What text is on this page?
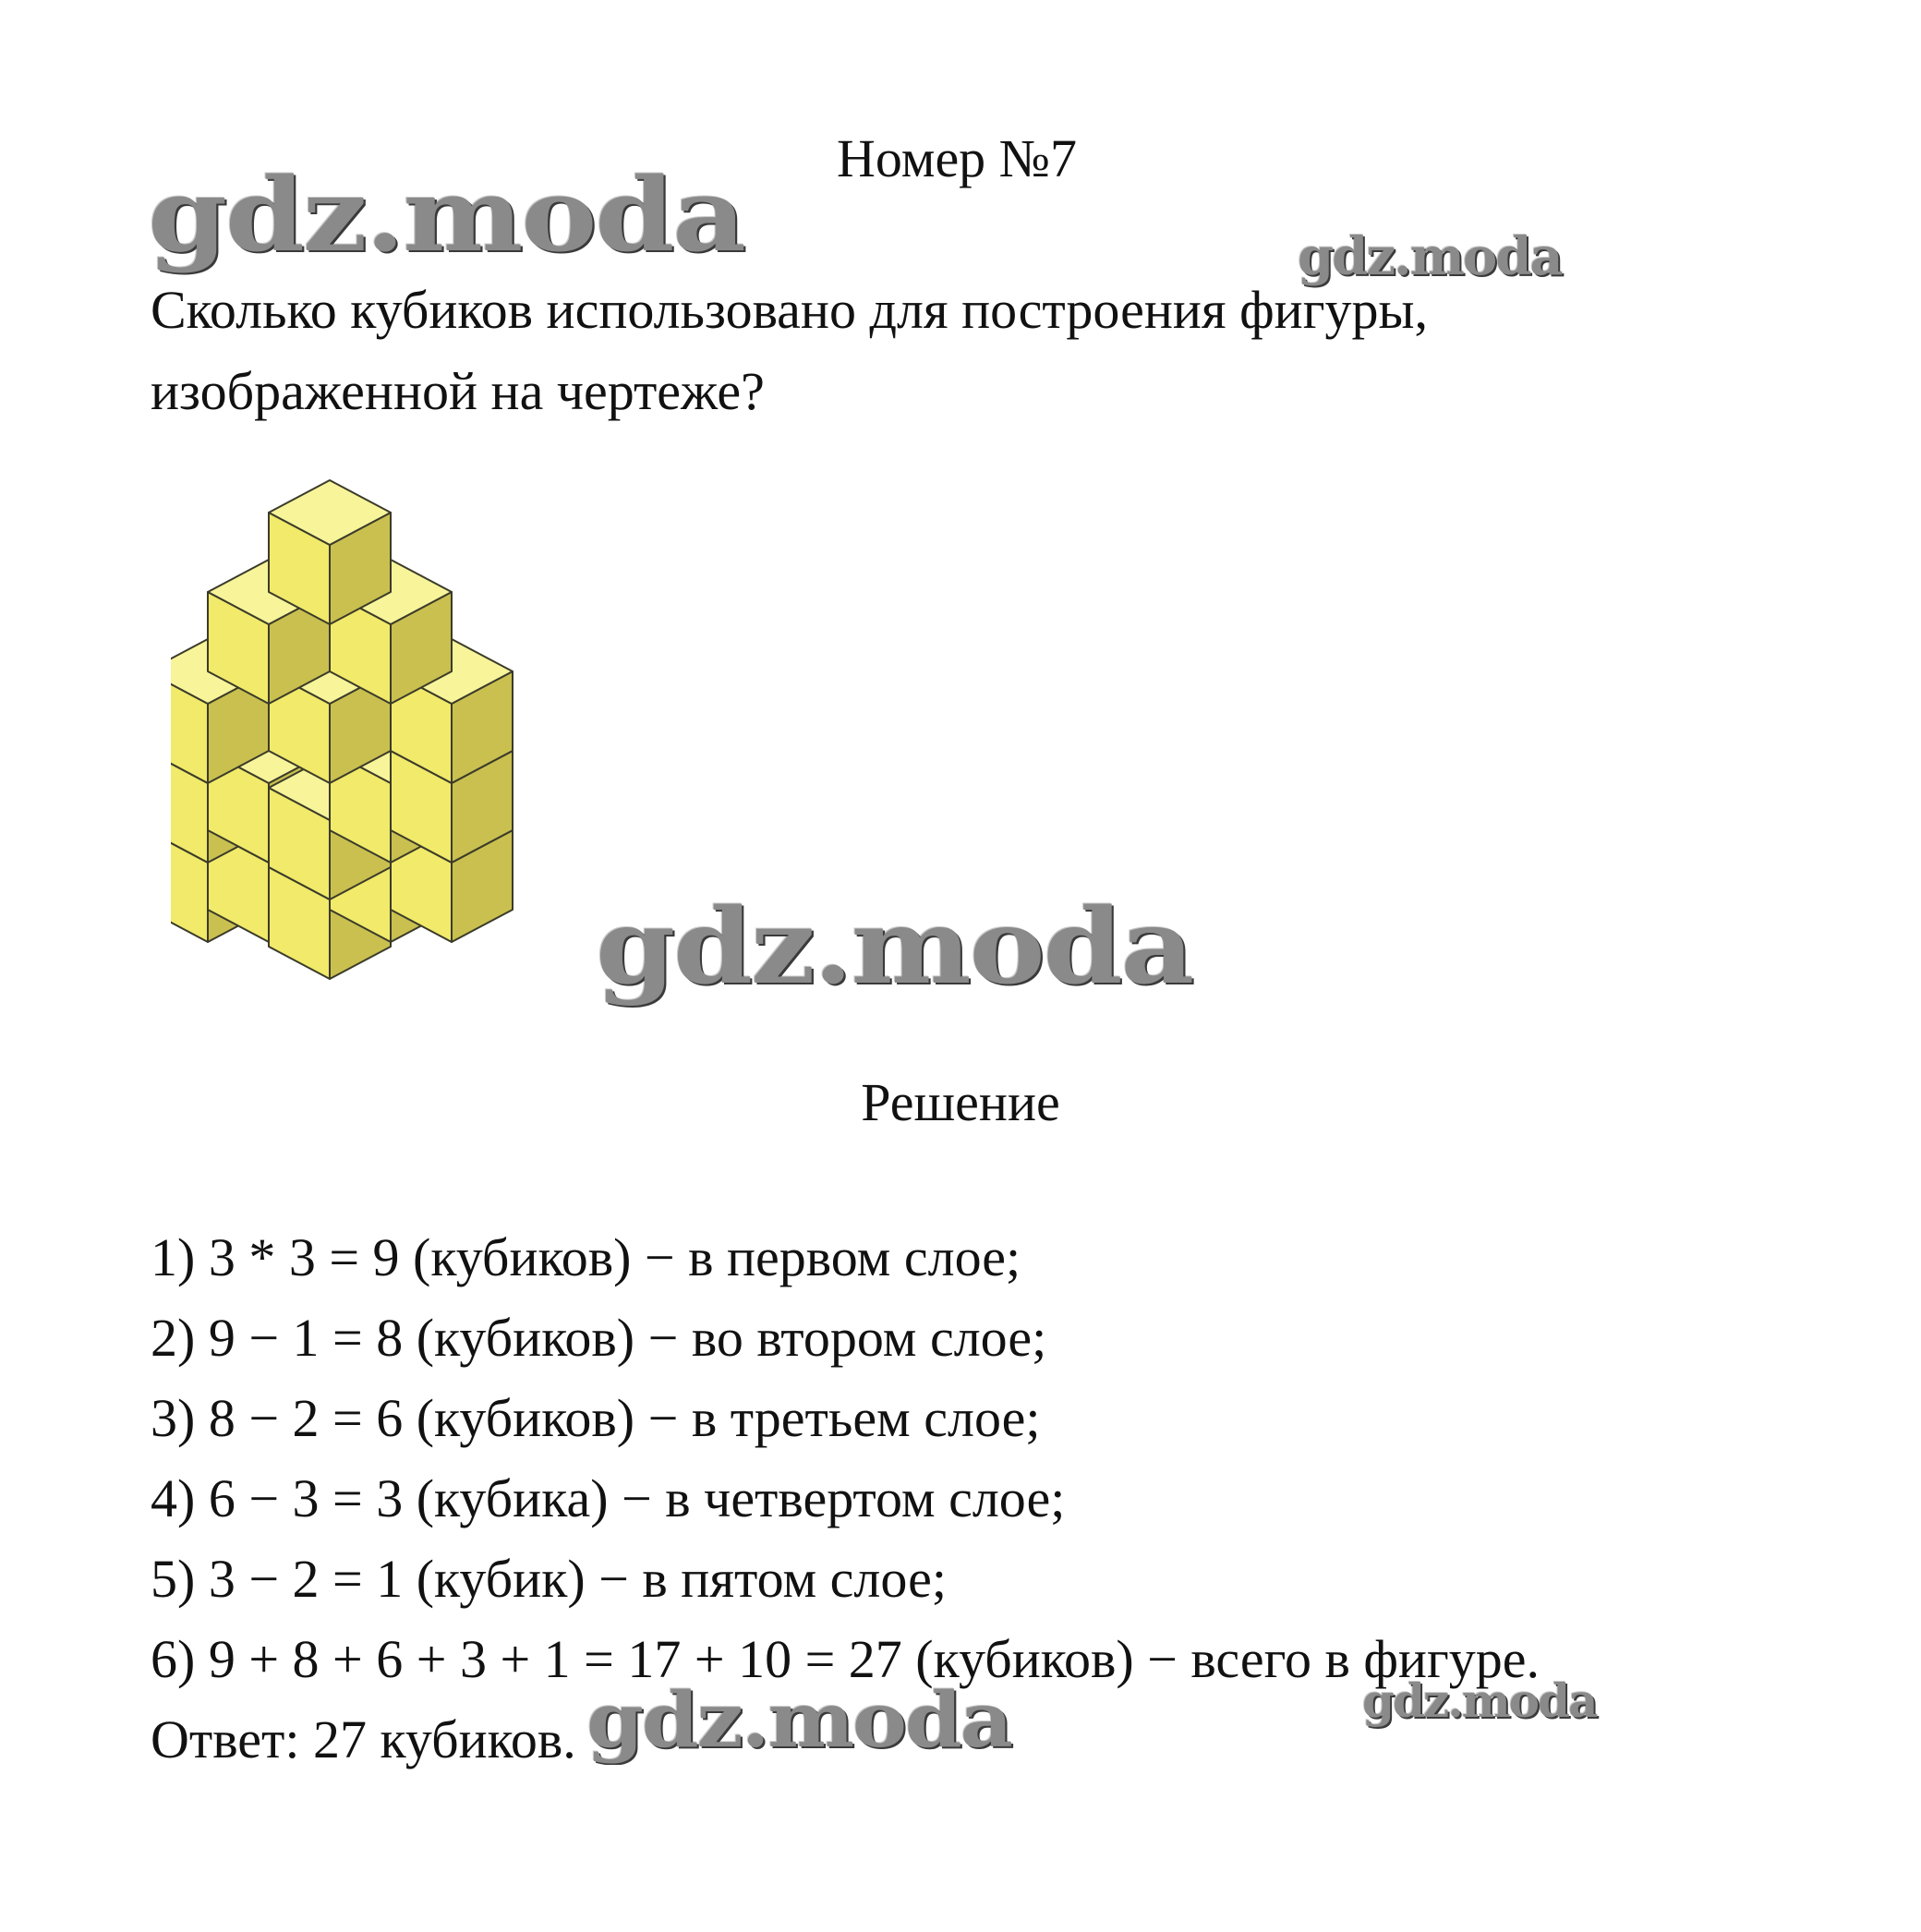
Номер №7
gdz.moda	gdz.moda
Сколько кубиков использовано для построения фигуры, изображенной на чертеже?
gdz.moda
Решение
1) 3 * 3 = 9 (кубиков) − в первом слое;
2) 9 − 1 = 8 (кубиков) − во втором слое;
3) 8 − 2 = 6 (кубиков) − в третьем слое;
4) 6 − 3 = 3 (кубика) − в четвертом слое;
5) 3 − 2 = 1 (кубик) − в пятом слое;
6) 9 + 8 + 6 + 3 + 1 = 17 + 10 = 27 (кубиков) − всего в фигуре.
Ответ: 27 кубиков. gdz.moda	gdz.moda
